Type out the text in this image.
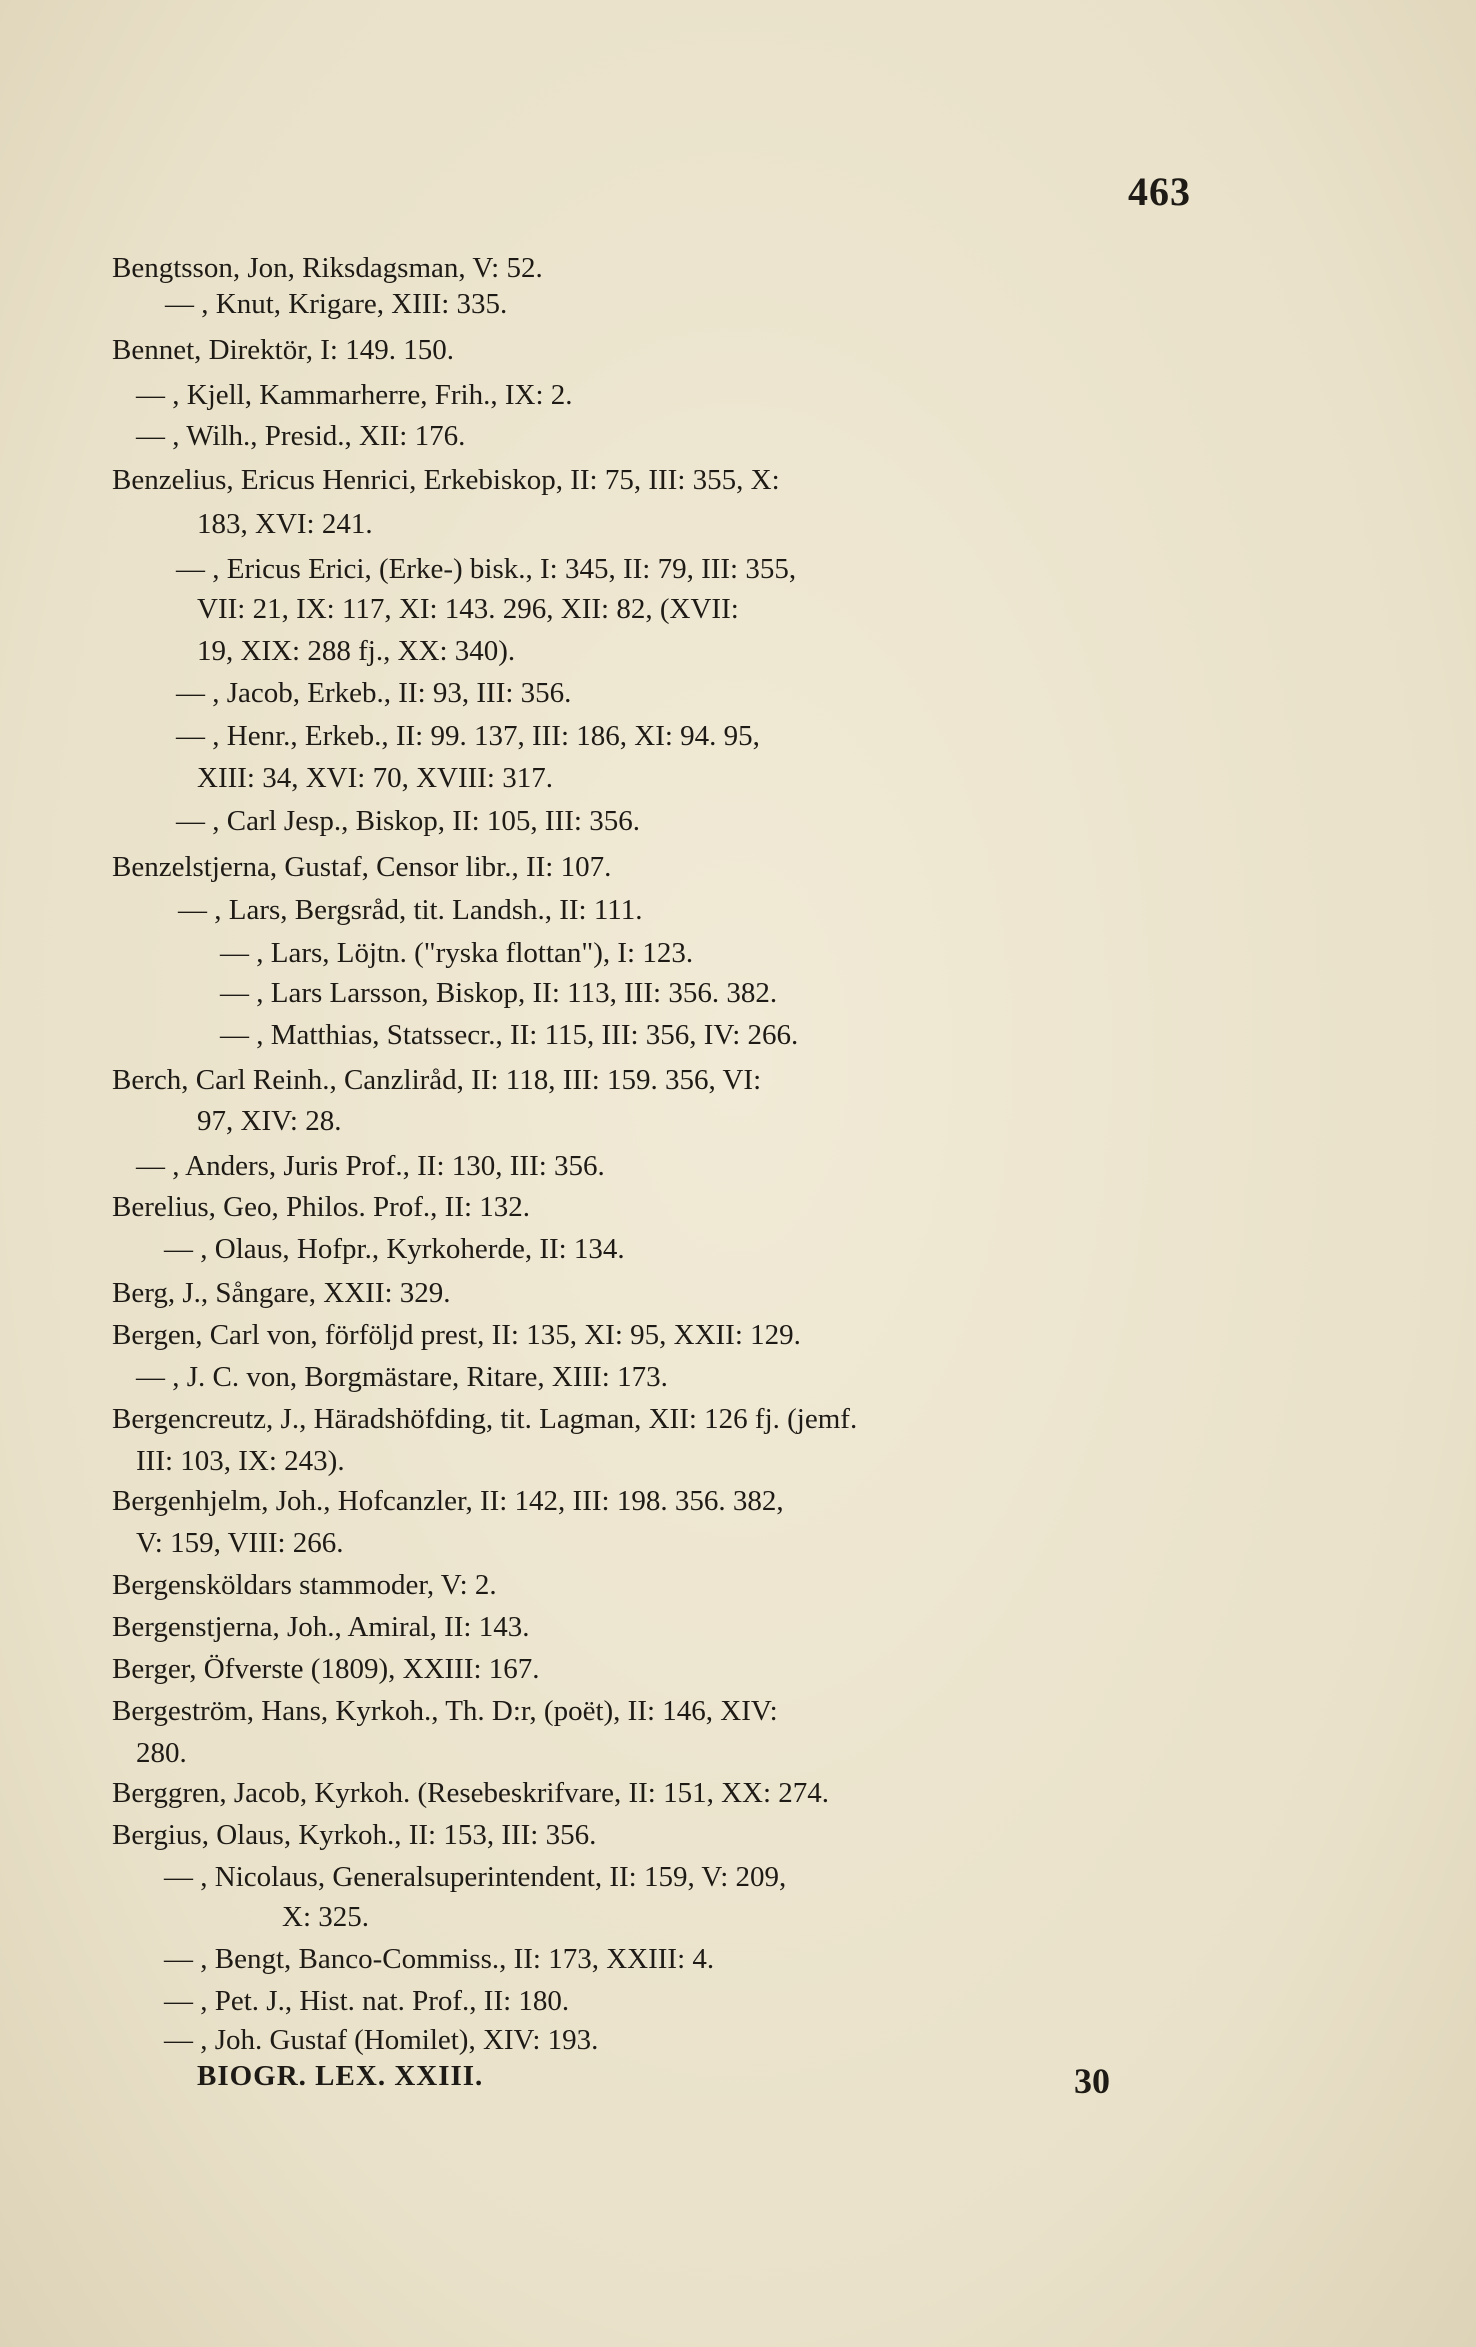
463
Bengtsson, Jon, Riksdagsman, V: 52.
— , Knut, Krigare, XIII: 335.
Bennet, Direktör, I: 149. 150.
— , Kjell, Kammarherre, Frih., IX: 2.
— , Wilh., Presid., XII: 176.
Benzelius, Ericus Henrici, Erkebiskop, II: 75, III: 355, X:
183, XVI: 241.
— , Ericus Erici, (Erke-) bisk., I: 345, II: 79, III: 355,
VII: 21, IX: 117, XI: 143. 296, XII: 82, (XVII:
19, XIX: 288 fj., XX: 340).
— , Jacob, Erkeb., II: 93, III: 356.
— , Henr., Erkeb., II: 99. 137, III: 186, XI: 94. 95,
XIII: 34, XVI: 70, XVIII: 317.
— , Carl Jesp., Biskop, II: 105, III: 356.
Benzelstjerna, Gustaf, Censor libr., II: 107.
— , Lars, Bergsråd, tit. Landsh., II: 111.
— , Lars, Löjtn. ("ryska flottan"), I: 123.
— , Lars Larsson, Biskop, II: 113, III: 356. 382.
— , Matthias, Statssecr., II: 115, III: 356, IV: 266.
Berch, Carl Reinh., Canzliråd, II: 118, III: 159. 356, VI:
97, XIV: 28.
— , Anders, Juris Prof., II: 130, III: 356.
Berelius, Geo, Philos. Prof., II: 132.
— , Olaus, Hofpr., Kyrkoherde, II: 134.
Berg, J., Sångare, XXII: 329.
Bergen, Carl von, förföljd prest, II: 135, XI: 95, XXII: 129.
— , J. C. von, Borgmästare, Ritare, XIII: 173.
Bergencreutz, J., Häradshöfding, tit. Lagman, XII: 126 fj. (jemf.
III: 103, IX: 243).
Bergenhjelm, Joh., Hofcanzler, II: 142, III: 198. 356. 382,
V: 159, VIII: 266.
Bergensköldars stammoder, V: 2.
Bergenstjerna, Joh., Amiral, II: 143.
Berger, Öfverste (1809), XXIII: 167.
Bergeström, Hans, Kyrkoh., Th. D:r, (poët), II: 146, XIV:
280.
Berggren, Jacob, Kyrkoh. (Resebeskrifvare, II: 151, XX: 274.
Bergius, Olaus, Kyrkoh., II: 153, III: 356.
— , Nicolaus, Generalsuperintendent, II: 159, V: 209,
X: 325.
— , Bengt, Banco-Commiss., II: 173, XXIII: 4.
— , Pet. J., Hist. nat. Prof., II: 180.
— , Joh. Gustaf (Homilet), XIV: 193.
BIOGR. LEX. XXIII.	30
